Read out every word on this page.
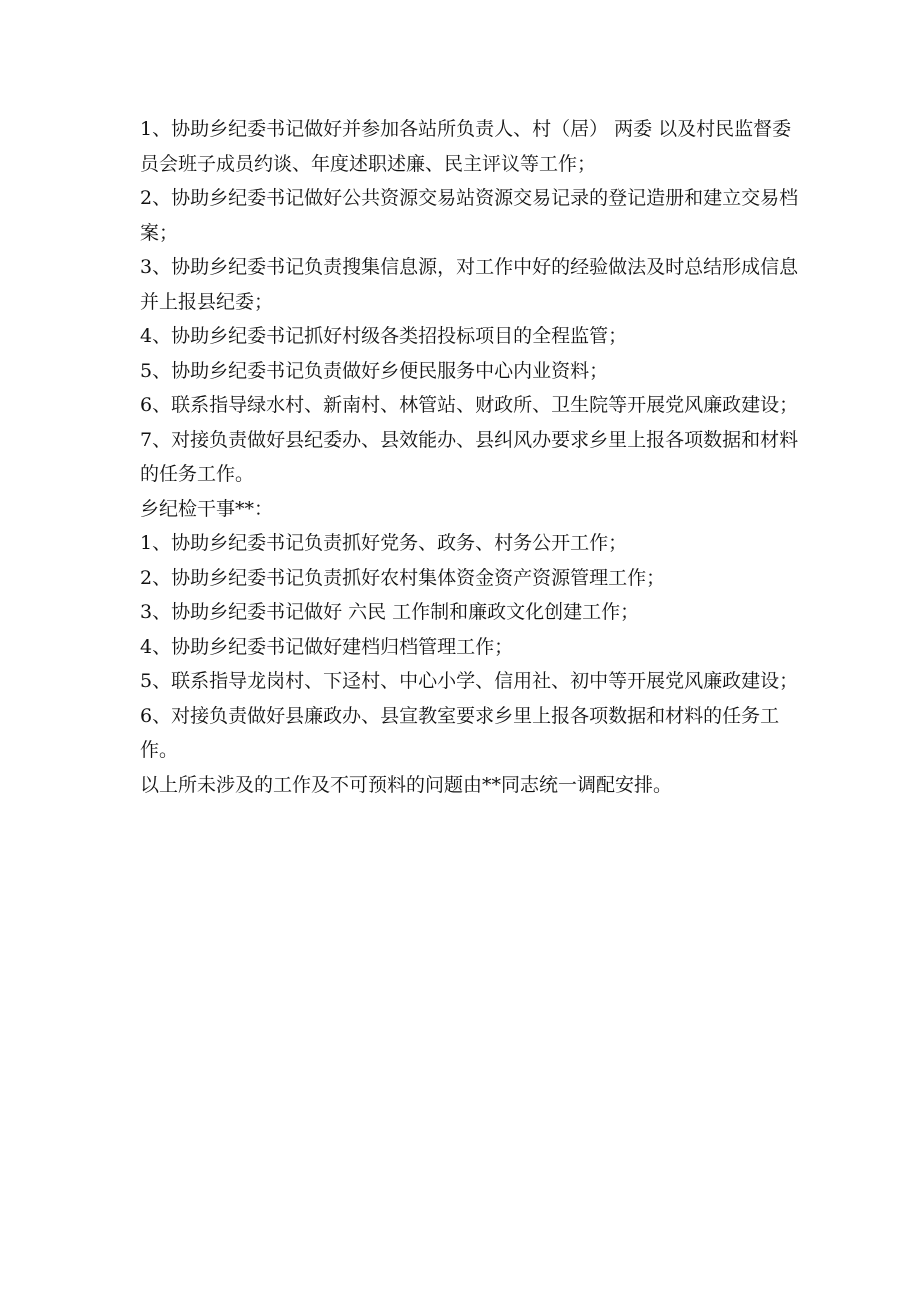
1、协助乡纪委书记做好并参加各站所负责人、村（居） 两委 以及村民监督委员会班子成员约谈、年度述职述廉、民主评议等工作；

2、协助乡纪委书记做好公共资源交易站资源交易记录的登记造册和建立交易档案；

3、协助乡纪委书记负责搜集信息源，对工作中好的经验做法及时总结形成信息并上报县纪委；

4、协助乡纪委书记抓好村级各类招投标项目的全程监管；

5、协助乡纪委书记负责做好乡便民服务中心内业资料；

6、联系指导绿水村、新南村、林管站、财政所、卫生院等开展党风廉政建设；

7、对接负责做好县纪委办、县效能办、县纠风办要求乡里上报各项数据和材料的任务工作。

乡纪检干事**：

1、协助乡纪委书记负责抓好党务、政务、村务公开工作；

2、协助乡纪委书记负责抓好农村集体资金资产资源管理工作；

3、协助乡纪委书记做好 六民 工作制和廉政文化创建工作；

4、协助乡纪委书记做好建档归档管理工作；

5、联系指导龙岗村、下迳村、中心小学、信用社、初中等开展党风廉政建设；

6、对接负责做好县廉政办、县宣教室要求乡里上报各项数据和材料的任务工作。

以上所未涉及的工作及不可预料的问题由**同志统一调配安排。
